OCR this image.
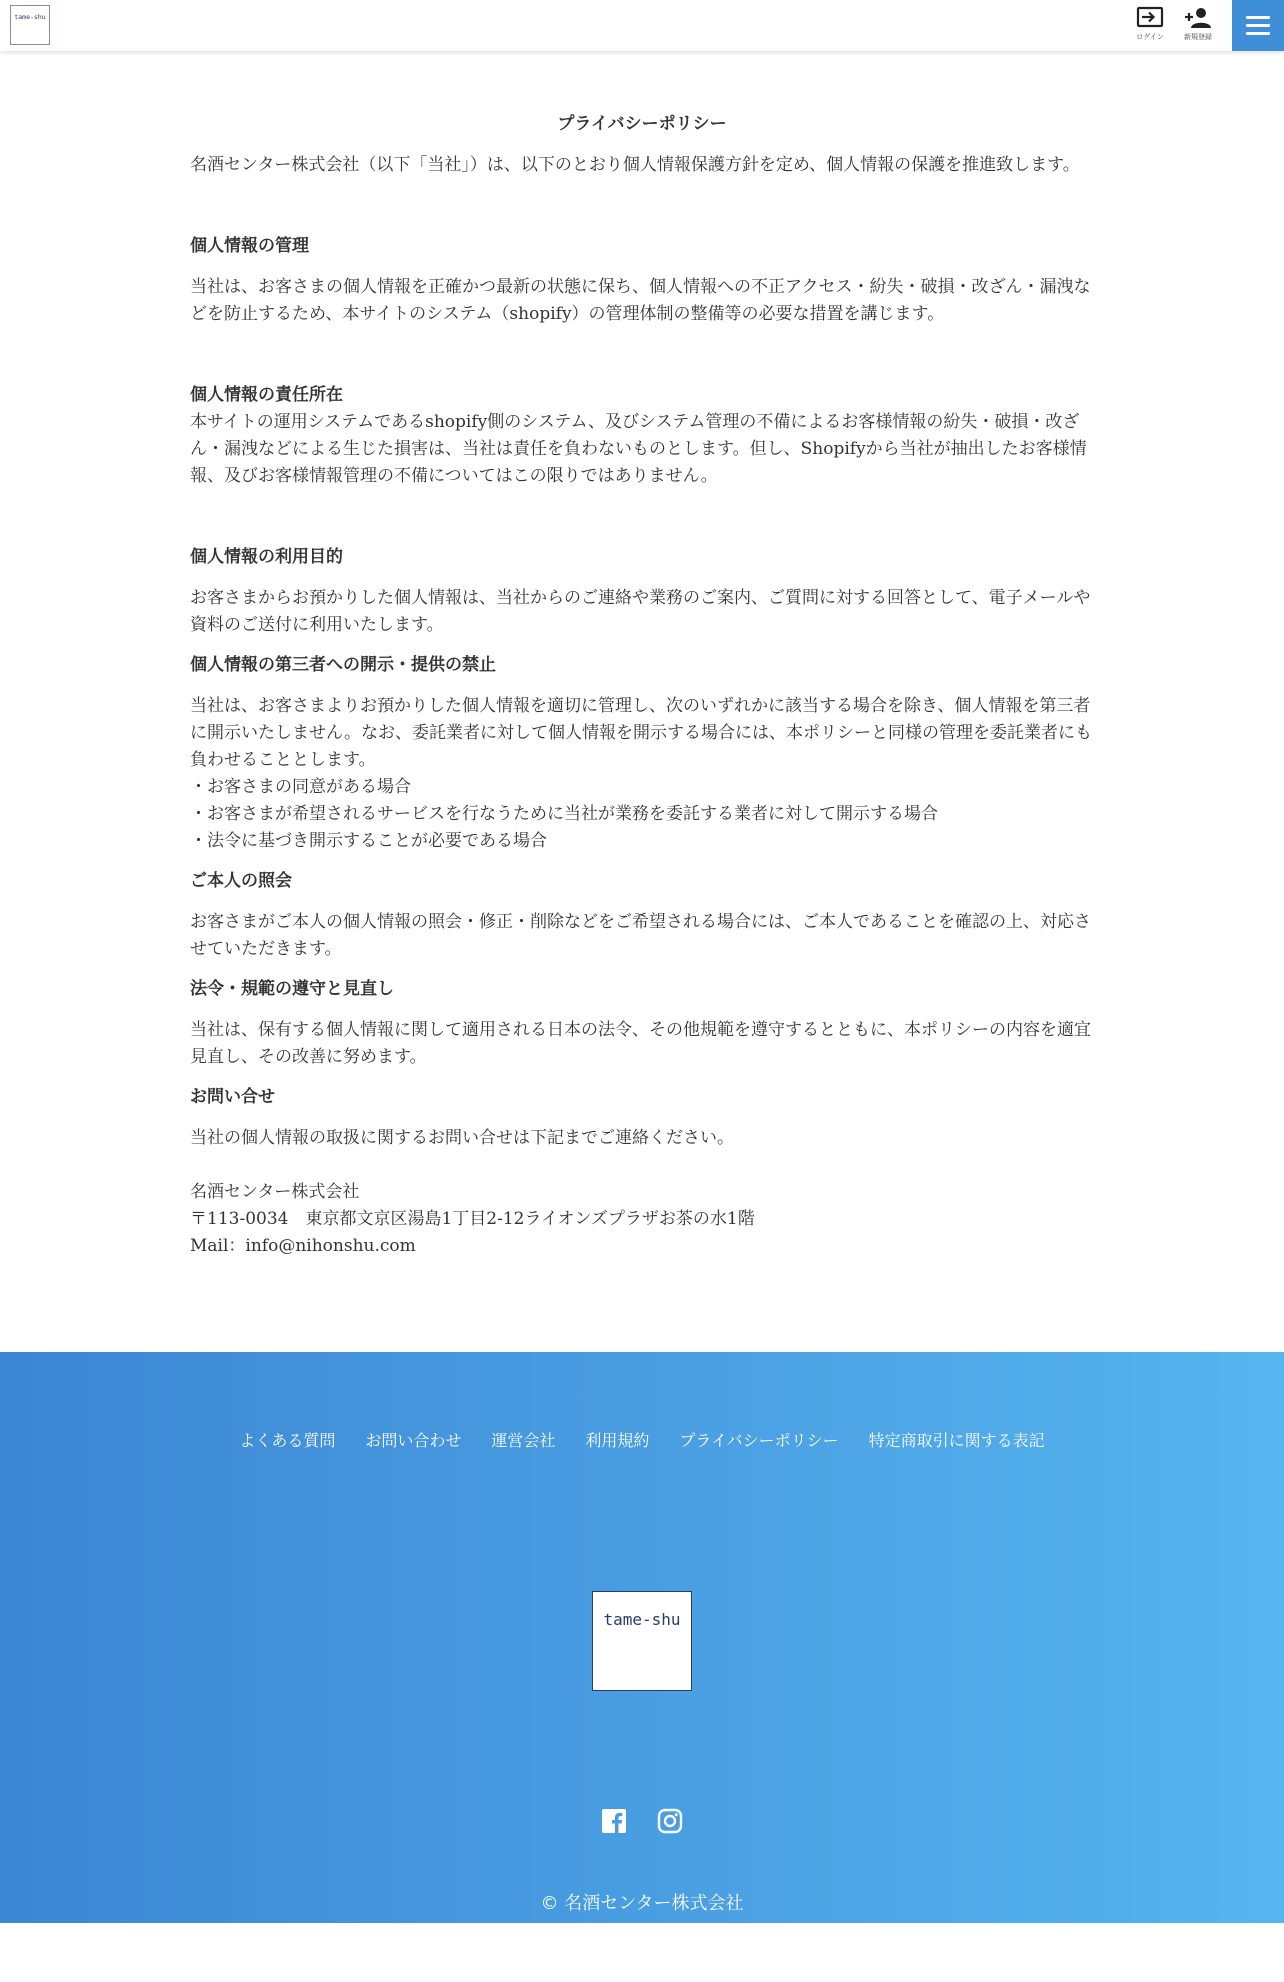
tame-shu
ログイン	新規登録
プライバシーポリシー

名酒センター株式会社（以下「当社」）は、以下のとおり個人情報保護方針を定め、個人情報の保護を推進致します。

個人情報の管理

当社は、お客さまの個人情報を正確かつ最新の状態に保ち、個人情報への不正アクセス・紛失・破損・改ざん・漏洩などを防止するため、本サイトのシステム（shopify）の管理体制の整備等の必要な措置を講じます。

個人情報の責任所在

本サイトの運用システムであるshopify側のシステム、及びシステム管理の不備によるお客様情報の紛失・破損・改ざん・漏洩などによる生じた損害は、当社は責任を負わないものとします。但し、Shopifyから当社が抽出したお客様情報、及びお客様情報管理の不備についてはこの限りではありません。

個人情報の利用目的

お客さまからお預かりした個人情報は、当社からのご連絡や業務のご案内、ご質問に対する回答として、電子メールや資料のご送付に利用いたします。

個人情報の第三者への開示・提供の禁止

当社は、お客さまよりお預かりした個人情報を適切に管理し、次のいずれかに該当する場合を除き、個人情報を第三者に開示いたしません。なお、委託業者に対して個人情報を開示する場合には、本ポリシーと同様の管理を委託業者にも負わせることとします。

・お客さまの同意がある場合

・お客さまが希望されるサービスを行なうために当社が業務を委託する業者に対して開示する場合

・法令に基づき開示することが必要である場合

ご本人の照会

お客さまがご本人の個人情報の照会・修正・削除などをご希望される場合には、ご本人であることを確認の上、対応させていただきます。

法令・規範の遵守と見直し

当社は、保有する個人情報に関して適用される日本の法令、その他規範を遵守するとともに、本ポリシーの内容を適宜見直し、その改善に努めます。

お問い合せ

当社の個人情報の取扱に関するお問い合せは下記までご連絡ください。

名酒センター株式会社

〒113-0034　東京都文京区湯島1丁目2-12ライオンズプラザお茶の水1階

Mail：info@nihonshu.com

よくある質問 お問い合わせ 運営会社 利用規約 プライバシーポリシー 特定商取引に関する表記
tame-shu

© 名酒センター株式会社
